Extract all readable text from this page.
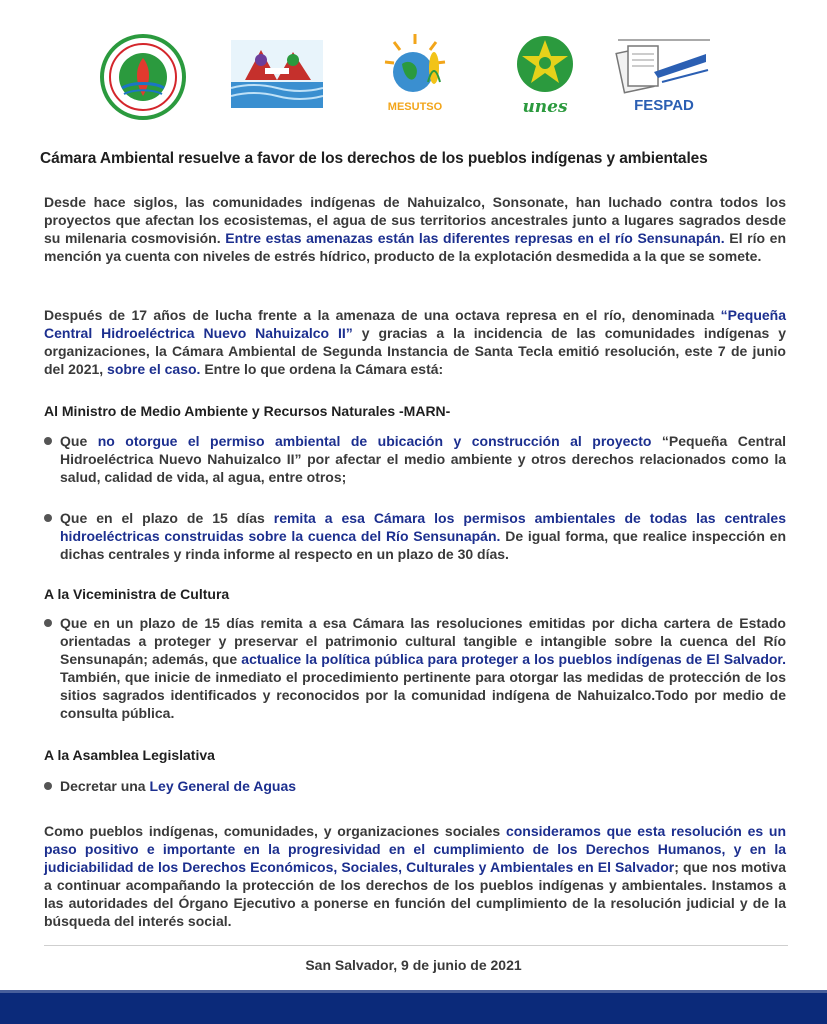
MESUTSO	unes	FESPAD
Cámara Ambiental resuelve a favor de los derechos de los pueblos indígenas y ambientales
Desde hace siglos, las comunidades indígenas de Nahuizalco, Sonsonate, han luchado contra todos los proyectos que afectan los ecosistemas, el agua de sus territorios ancestrales junto a lugares sagrados desde su milenaria cosmovisión. Entre estas amenazas están las diferentes represas en el río Sensunapán. El río en mención ya cuenta con niveles de estrés hídrico, producto de la explotación desmedida a la que se somete.
Después de 17 años de lucha frente a la amenaza de una octava represa en el río, denominada “Pequeña Central Hidroeléctrica Nuevo Nahuizalco II” y gracias a la incidencia de las comunidades indígenas y organizaciones, la Cámara Ambiental de Segunda Instancia de Santa Tecla emitió resolución, este 7 de junio del 2021, sobre el caso. Entre lo que ordena la Cámara está:
Al Ministro de Medio Ambiente y Recursos Naturales -MARN-
Que no otorgue el permiso ambiental de ubicación y construcción al proyecto “Pequeña Central Hidroeléctrica Nuevo Nahuizalco II” por afectar el medio ambiente y otros derechos relacionados como la salud, calidad de vida, al agua, entre otros;
Que en el plazo de 15 días remita a esa Cámara los permisos ambientales de todas las centrales hidroeléctricas construidas sobre la cuenca del Río Sensunapán. De igual forma, que realice inspección en dichas centrales y rinda informe al respecto en un plazo de 30 días.
A la Viceministra de Cultura
Que en un plazo de 15 días remita a esa Cámara las resoluciones emitidas por dicha cartera de Estado orientadas a proteger y preservar el patrimonio cultural tangible e intangible sobre la cuenca del Río Sensunapán; además, que actualice la política pública para proteger a los pueblos indígenas de El Salvador. También, que inicie de inmediato el procedimiento pertinente para otorgar las medidas de protección de los sitios sagrados identificados y reconocidos por la comunidad indígena de Nahuizalco.Todo por medio de consulta pública.
A la Asamblea Legislativa
Decretar una Ley General de Aguas
Como pueblos indígenas, comunidades, y organizaciones sociales consideramos que esta resolución es un paso positivo e importante en la progresividad en el cumplimiento de los Derechos Humanos, y en la judiciabilidad de los Derechos Económicos, Sociales, Culturales y Ambientales en El Salvador; que nos motiva a continuar acompañando la protección de los derechos de los pueblos indígenas y ambientales. Instamos a las autoridades del Órgano Ejecutivo a ponerse en función del cumplimiento de la resolución judicial y de la búsqueda del interés social.
San Salvador, 9 de junio de 2021
